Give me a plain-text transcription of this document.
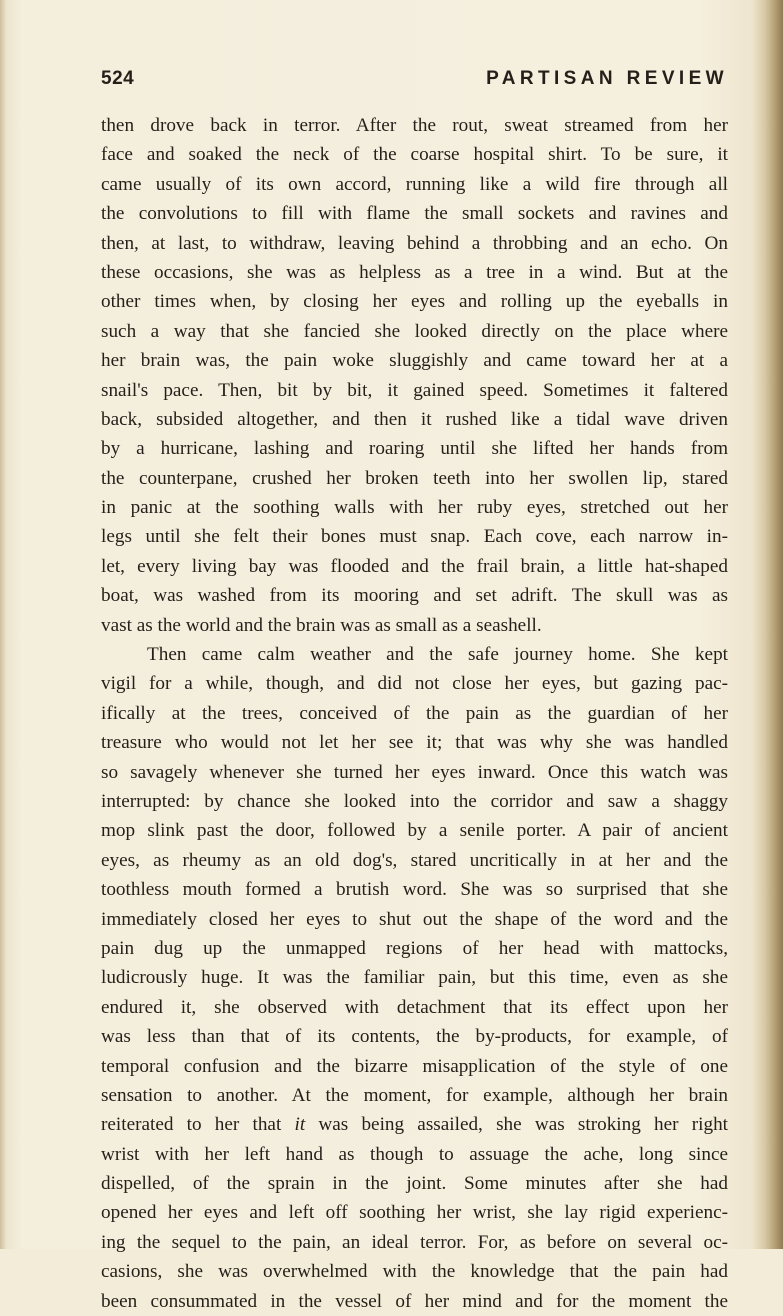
524	PARTISAN REVIEW
then drove back in terror. After the rout, sweat streamed from her
face and soaked the neck of the coarse hospital shirt. To be sure, it
came usually of its own accord, running like a wild fire through all
the convolutions to fill with flame the small sockets and ravines and
then, at last, to withdraw, leaving behind a throbbing and an echo. On
these occasions, she was as helpless as a tree in a wind. But at the
other times when, by closing her eyes and rolling up the eyeballs in
such a way that she fancied she looked directly on the place where
her brain was, the pain woke sluggishly and came toward her at a
snail's pace. Then, bit by bit, it gained speed. Sometimes it faltered
back, subsided altogether, and then it rushed like a tidal wave driven
by a hurricane, lashing and roaring until she lifted her hands from
the counterpane, crushed her broken teeth into her swollen lip, stared
in panic at the soothing walls with her ruby eyes, stretched out her
legs until she felt their bones must snap. Each cove, each narrow in-
let, every living bay was flooded and the frail brain, a little hat-shaped
boat, was washed from its mooring and set adrift. The skull was as
vast as the world and the brain was as small as a seashell.
Then came calm weather and the safe journey home. She kept
vigil for a while, though, and did not close her eyes, but gazing pac-
ifically at the trees, conceived of the pain as the guardian of her
treasure who would not let her see it; that was why she was handled
so savagely whenever she turned her eyes inward. Once this watch was
interrupted: by chance she looked into the corridor and saw a shaggy
mop slink past the door, followed by a senile porter. A pair of ancient
eyes, as rheumy as an old dog's, stared uncritically in at her and the
toothless mouth formed a brutish word. She was so surprised that she
immediately closed her eyes to shut out the shape of the word and the
pain dug up the unmapped regions of her head with mattocks,
ludicrously huge. It was the familiar pain, but this time, even as she
endured it, she observed with detachment that its effect upon her
was less than that of its contents, the by-products, for example, of
temporal confusion and the bizarre misapplication of the style of one
sensation to another. At the moment, for example, although her brain
reiterated to her that it was being assailed, she was stroking her right
wrist with her left hand as though to assuage the ache, long since
dispelled, of the sprain in the joint. Some minutes after she had
opened her eyes and left off soothing her wrist, she lay rigid experienc-
ing the sequel to the pain, an ideal terror. For, as before on several oc-
casions, she was overwhelmed with the knowledge that the pain had
been consummated in the vessel of her mind and for the moment the
